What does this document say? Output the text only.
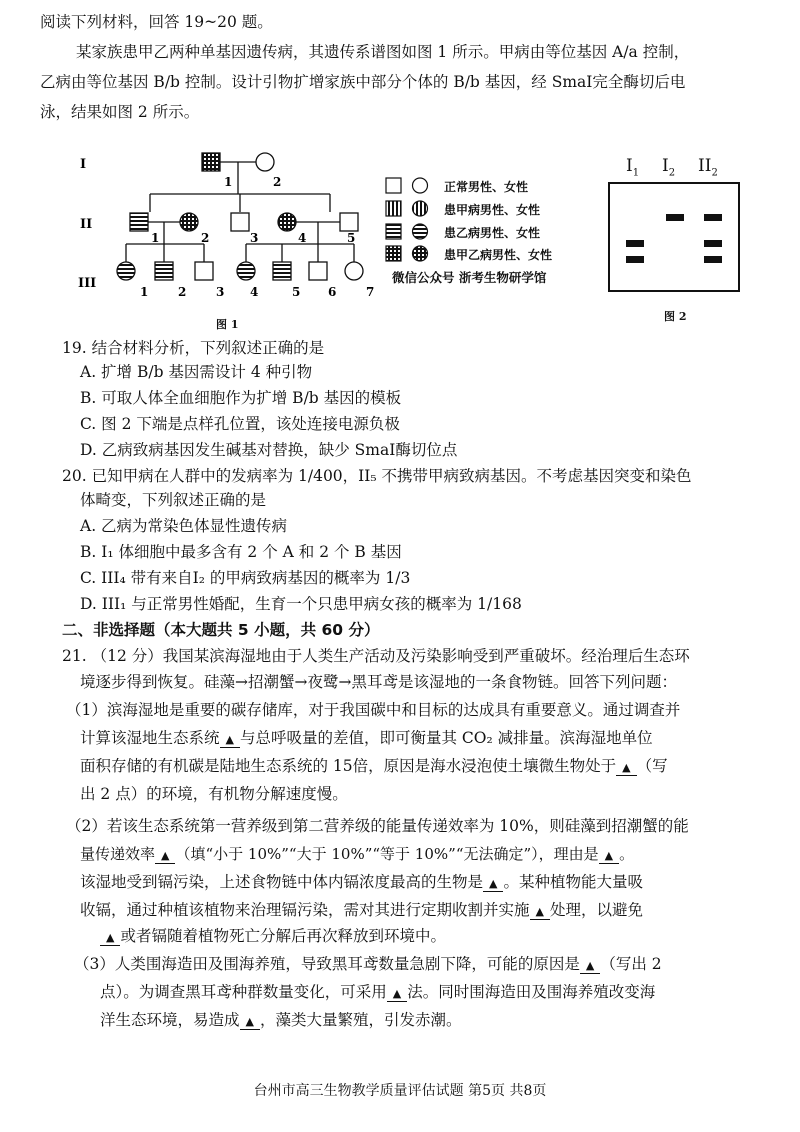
阅读下列材料，回答 19~20 题。
某家族患甲乙两种单基因遗传病，其遗传系谱图如图 1 所示。甲病由等位基因 A/a 控制，
乙病由等位基因 B/b 控制。设计引物扩增家族中部分个体的 B/b 基因，经 SmaI完全酶切后电
泳，结果如图 2 所示。
I
II
III
1	2
1	2	3	4	5
1 2 3 4	5 6 7
图 1
正常男性、女性
患甲病男性、女性
患乙病男性、女性
患甲乙病男性、女性
微信公众号 浙考生物研学馆
$I_1$ $I_2$ $II_2$
图 2
19. 结合材料分析，下列叙述正确的是
A. 扩增 B/b 基因需设计 4 种引物
B. 可取人体全血细胞作为扩增 B/b 基因的模板
C. 图 2 下端是点样孔位置，该处连接电源负极
D. 乙病致病基因发生碱基对替换，缺少 SmaI酶切位点
20. 已知甲病在人群中的发病率为 1/400，II₅ 不携带甲病致病基因。不考虑基因突变和染色
体畸变，下列叙述正确的是
A. 乙病为常染色体显性遗传病
B. I₁ 体细胞中最多含有 2 个 A 和 2 个 B 基因
C. III₄ 带有来自I₂ 的甲病致病基因的概率为 1/3
D. III₁ 与正常男性婚配，生育一个只患甲病女孩的概率为 1/168
二、非选择题（本大题共 5 小题，共 60 分）
21. （12 分）我国某滨海湿地由于人类生产活动及污染影响受到严重破坏。经治理后生态环
境逐步得到恢复。硅藻→招潮蟹→夜鹭→黑耳鸢是该湿地的一条食物链。回答下列问题：
（1）滨海湿地是重要的碳存储库，对于我国碳中和目标的达成具有重要意义。通过调查并
计算该湿地生态系统 ▲ 与总呼吸量的差值，即可衡量其 CO₂ 减排量。滨海湿地单位
面积存储的有机碳是陆地生态系统的 15倍，原因是海水浸泡使土壤微生物处于 ▲ （写
出 2 点）的环境，有机物分解速度慢。
（2）若该生态系统第一营养级到第二营养级的能量传递效率为 10%，则硅藻到招潮蟹的能
量传递效率 ▲ （填“小于 10%”“大于 10%”“等于 10%”“无法确定”），理由是 ▲ 。
该湿地受到镉污染，上述食物链中体内镉浓度最高的生物是 ▲ 。某种植物能大量吸
收镉，通过种植该植物来治理镉污染，需对其进行定期收割并实施 ▲ 处理，以避免
▲ 或者镉随着植物死亡分解后再次释放到环境中。
（3）人类围海造田及围海养殖，导致黑耳鸢数量急剧下降，可能的原因是 ▲ （写出 2
点）。为调查黑耳鸢种群数量变化，可采用 ▲ 法。同时围海造田及围海养殖改变海
洋生态环境，易造成 ▲ ，藻类大量繁殖，引发赤潮。
台州市高三生物教学质量评估试题 第5页 共8页
